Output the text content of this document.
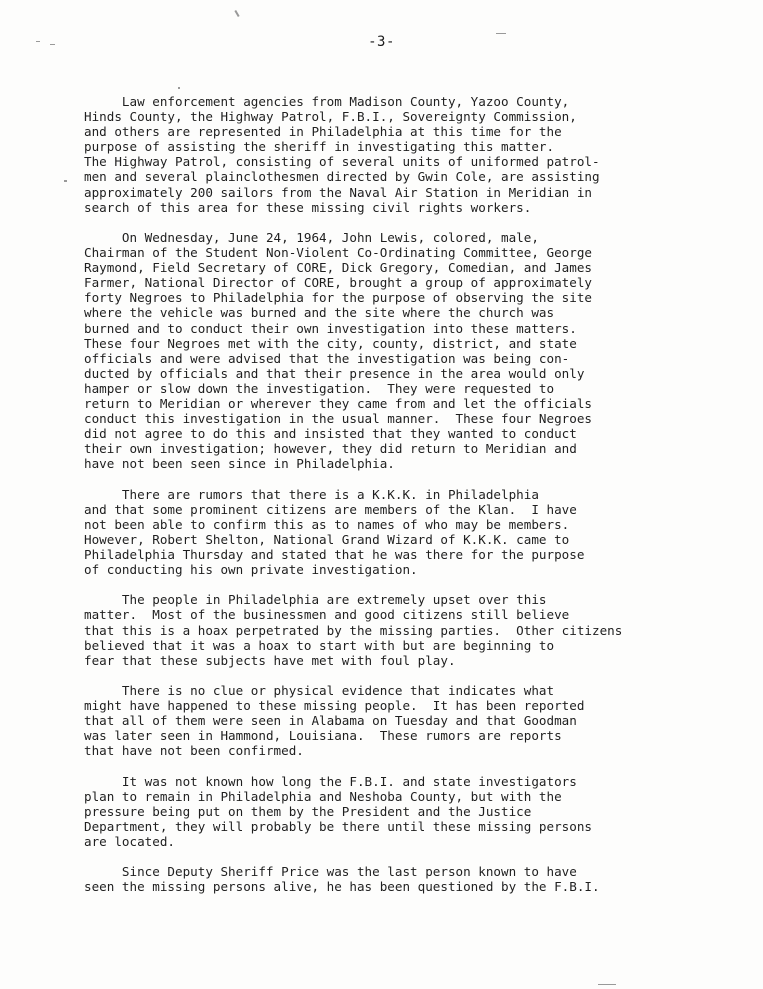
-3-

Law enforcement agencies from Madison County, Yazoo County,
Hinds County, the Highway Patrol, F.B.I., Sovereignty Commission,
and others are represented in Philadelphia at this time for the
purpose of assisting the sheriff in investigating this matter.
The Highway Patrol, consisting of several units of uniformed patrol-
men and several plainclothesmen directed by Gwin Cole, are assisting
approximately 200 sailors from the Naval Air Station in Meridian in
search of this area for these missing civil rights workers.

On Wednesday, June 24, 1964, John Lewis, colored, male,
Chairman of the Student Non-Violent Co-Ordinating Committee, George
Raymond, Field Secretary of CORE, Dick Gregory, Comedian, and James
Farmer, National Director of CORE, brought a group of approximately
forty Negroes to Philadelphia for the purpose of observing the site
where the vehicle was burned and the site where the church was
burned and to conduct their own investigation into these matters.
These four Negroes met with the city, county, district, and state
officials and were advised that the investigation was being con-
ducted by officials and that their presence in the area would only
hamper or slow down the investigation.  They were requested to
return to Meridian or wherever they came from and let the officials
conduct this investigation in the usual manner.  These four Negroes
did not agree to do this and insisted that they wanted to conduct
their own investigation; however, they did return to Meridian and
have not been seen since in Philadelphia.

There are rumors that there is a K.K.K. in Philadelphia
and that some prominent citizens are members of the Klan.  I have
not been able to confirm this as to names of who may be members.
However, Robert Shelton, National Grand Wizard of K.K.K. came to
Philadelphia Thursday and stated that he was there for the purpose
of conducting his own private investigation.

The people in Philadelphia are extremely upset over this
matter.  Most of the businessmen and good citizens still believe
that this is a hoax perpetrated by the missing parties.  Other citizens
believed that it was a hoax to start with but are beginning to
fear that these subjects have met with foul play.

There is no clue or physical evidence that indicates what
might have happened to these missing people.  It has been reported
that all of them were seen in Alabama on Tuesday and that Goodman
was later seen in Hammond, Louisiana.  These rumors are reports
that have not been confirmed.

It was not known how long the F.B.I. and state investigators
plan to remain in Philadelphia and Neshoba County, but with the
pressure being put on them by the President and the Justice
Department, they will probably be there until these missing persons
are located.

Since Deputy Sheriff Price was the last person known to have
seen the missing persons alive, he has been questioned by the F.B.I.
